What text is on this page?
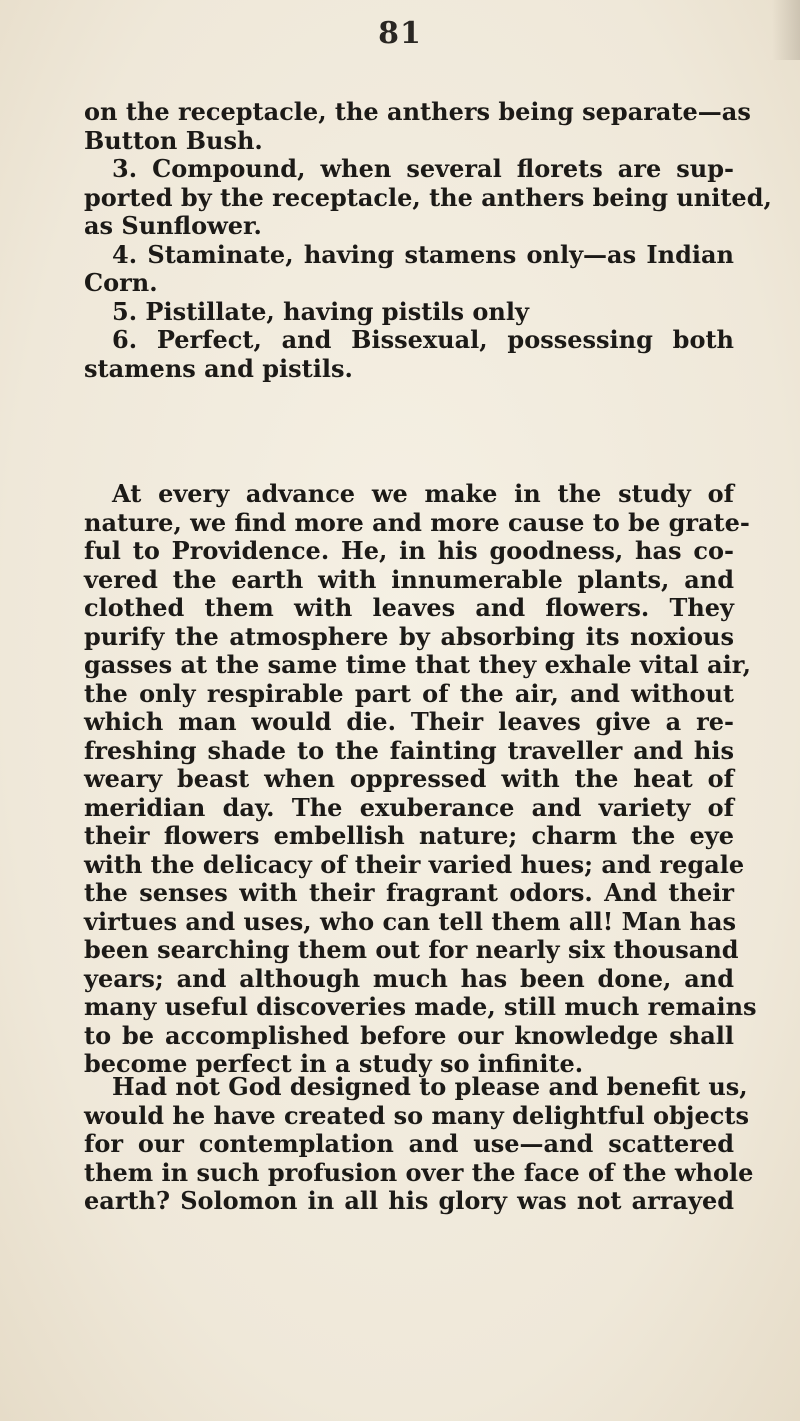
81
on the receptacle, the anthers being separate—as
Button Bush.
3. Compound, when several florets are sup-
ported by the receptacle, the anthers being united,
as Sunflower.
4. Staminate, having stamens only—as Indian
Corn.
5. Pistillate, having pistils only
6. Perfect, and Bissexual, possessing both
stamens and pistils.
At every advance we make in the study of
nature, we find more and more cause to be grate-
ful to Providence. He, in his goodness, has co-
vered the earth with innumerable plants, and
clothed them with leaves and flowers. They
purify the atmosphere by absorbing its noxious
gasses at the same time that they exhale vital air,
the only respirable part of the air, and without
which man would die. Their leaves give a re-
freshing shade to the fainting traveller and his
weary beast when oppressed with the heat of
meridian day. The exuberance and variety of
their flowers embellish nature; charm the eye
with the delicacy of their varied hues; and regale
the senses with their fragrant odors. And their
virtues and uses, who can tell them all! Man has
been searching them out for nearly six thousand
years; and although much has been done, and
many useful discoveries made, still much remains
to be accomplished before our knowledge shall
become perfect in a study so infinite.
Had not God designed to please and benefit us,
would he have created so many delightful objects
for our contemplation and use—and scattered
them in such profusion over the face of the whole
earth? Solomon in all his glory was not arrayed
